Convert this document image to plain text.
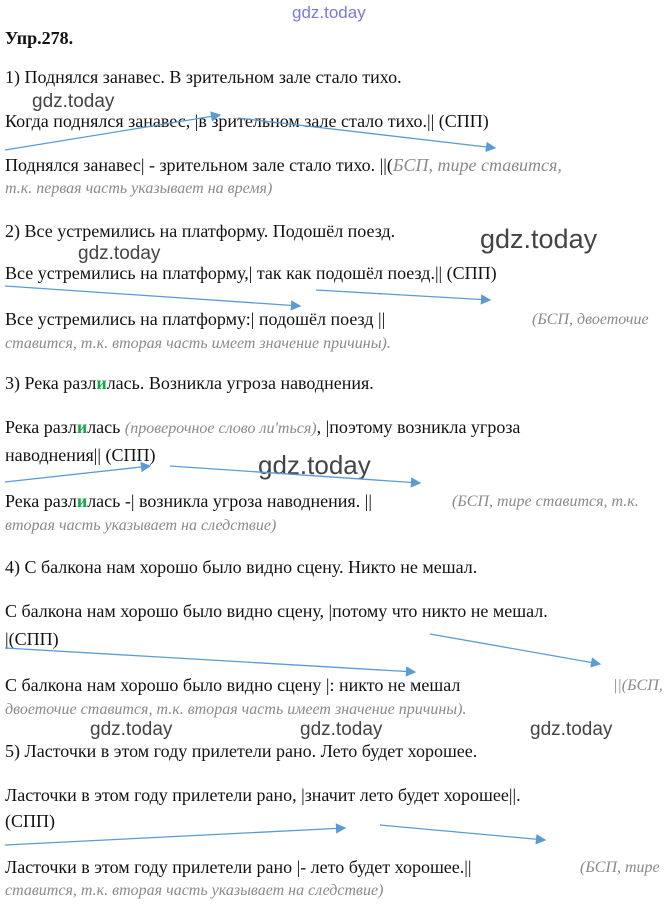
gdz.today
gdz.today
gdz.today
gdz.today
gdz.today
gdz.today	gdz.today	gdz.today
Упр.278.
1) Поднялся занавес. В зрительном зале стало тихо.
Когда поднялся занавес, |в зрительном зале стало тихо.|| (СПП)
Поднялся занавес| - зрительном зале стало тихо. ||(БСП, тире ставится,
т.к. первая часть указывает на время)
2) Все устремились на платформу. Подошёл поезд.
Все устремились на платформу,| так как подошёл поезд.|| (СПП)
Все устремились на платформу:| подошёл поезд ||	(БСП, двоеточие
ставится, т.к. вторая часть имеет значение причины).
3) Река разлилась. Возникла угроза наводнения.
Река разлилась (проверочное слово ли'ться), |поэтому возникла угроза
наводнения|| (СПП)
Река разлилась -| возникла угроза наводнения. ||	(БСП, тире ставится, т.к.
вторая часть указывает на следствие)
4) С балкона нам хорошо было видно сцену. Никто не мешал.
С балкона нам хорошо было видно сцену, |потому что никто не мешал.
|(СПП)
С балкона нам хорошо было видно сцену |: никто не мешал	||(БСП,
двоеточие ставится, т.к. вторая часть имеет значение причины).
5) Ласточки в этом году прилетели рано. Лето будет хорошее.
Ласточки в этом году прилетели рано, |значит лето будет хорошее||.
(СПП)
Ласточки в этом году прилетели рано |- лето будет хорошее.||	(БСП, тире
ставится, т.к. вторая часть указывает на следствие)
